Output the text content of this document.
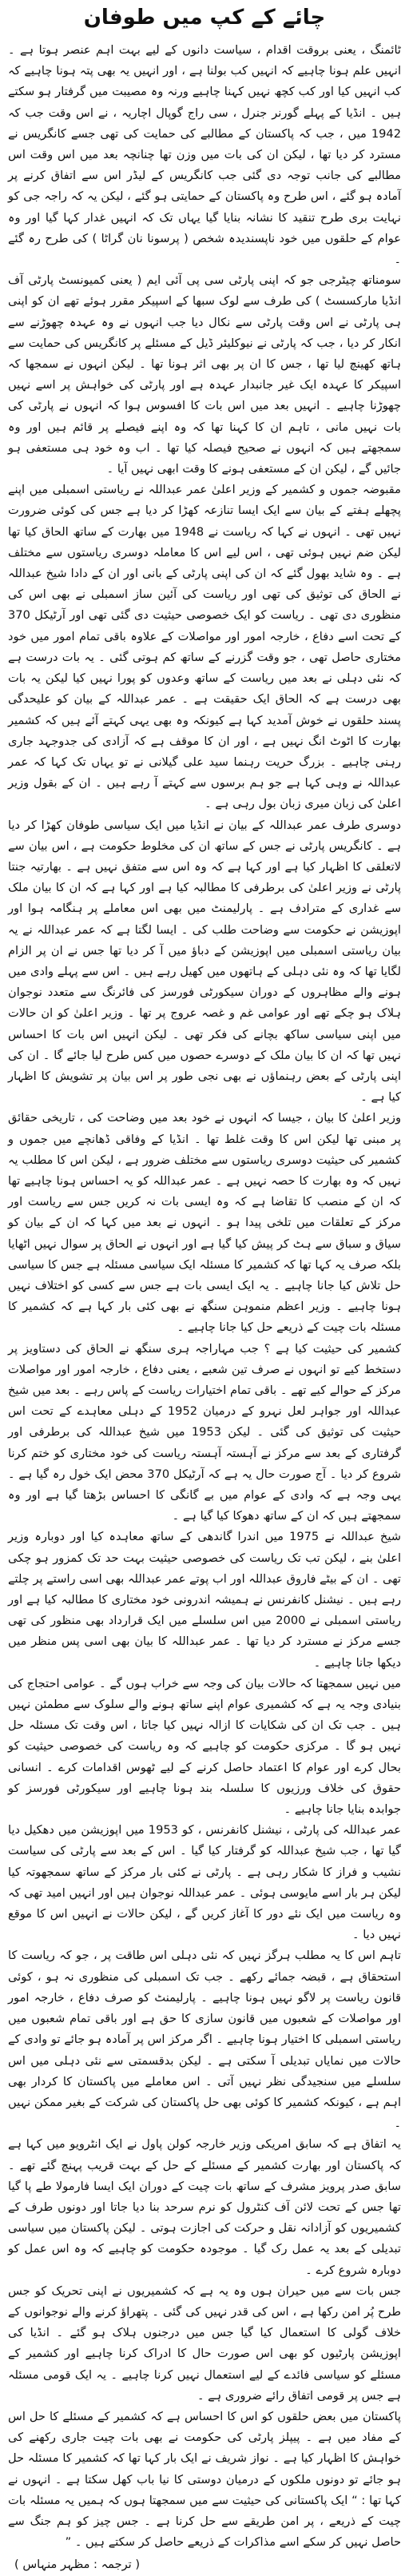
چائے کے کپ میں طوفان

ٹائمنگ ، یعنی بروقت اقدام ، سیاست دانوں کے لیے بہت اہم عنصر ہوتا ہے ۔ انہیں علم ہونا چاہیے کہ انہیں کب بولنا ہے ، اور انہیں یہ بھی پتہ ہونا چاہیے کہ کب انہیں کیا اور کب کچھ نہیں کہنا چاہیے ورنہ وہ مصیبت میں گرفتار ہو سکتے ہیں ۔ انڈیا کے پہلے گورنر جنرل ، سی راج گوپال اچاریہ ، نے اس وقت جب کہ 1942 میں ، جب کہ پاکستان کے مطالبے کی حمایت کی تھی جسے کانگریس نے مسترد کر دیا تھا ، لیکن ان کی بات میں وزن تھا چنانچہ بعد میں اس وقت اس مطالبے کی جانب توجہ دی گئی جب کانگریس کے لیڈر اس سے اتفاق کرنے پر آمادہ ہو گئے ، اس طرح وہ پاکستان کے حمایتی ہو گئے ، لیکن یہ کہ راجہ جی کو نہایت بری طرح تنقید کا نشانہ بنایا گیا یہاں تک کہ انہیں غدار کہا گیا اور وہ عوام کے حلقوں میں خود ناپسندیدہ شخص ( پرسونا نان گراٹا ) کی طرح رہ گئے ۔

سومناتھ چیٹرجی جو کہ اپنی پارٹی سی پی آئی ایم ( یعنی کمیونسٹ پارٹی آف انڈیا مارکسسٹ ) کی طرف سے لوک سبھا کے اسپیکر مقرر ہوئے تھے ان کو اپنی ہی پارٹی نے اس وقت پارٹی سے نکال دیا جب انہوں نے وہ عہدہ چھوڑنے سے انکار کر دیا ، جب کہ پارٹی نے نیوکلیئر ڈیل کے مسئلے پر کانگریس کی حمایت سے ہاتھ کھینچ لیا تھا ، جس کا ان پر بھی اثر ہونا تھا ۔ لیکن انہوں نے سمجھا کہ اسپیکر کا عہدہ ایک غیر جانبدار عہدہ ہے اور پارٹی کی خواہش پر اسے نہیں چھوڑنا چاہیے ۔ انہیں بعد میں اس بات کا افسوس ہوا کہ انہوں نے پارٹی کی بات نہیں مانی ، تاہم ان کا کہنا تھا کہ وہ اپنے فیصلے پر قائم ہیں اور وہ سمجھتے ہیں کہ انہوں نے صحیح فیصلہ کیا تھا ۔ اب وہ خود ہی مستعفی ہو جائیں گے ، لیکن ان کے مستعفی ہونے کا وقت ابھی نہیں آیا ۔

مقبوضہ جموں و کشمیر کے وزیر اعلیٰ عمر عبداللہ نے ریاستی اسمبلی میں اپنے پچھلے ہفتے کے بیان سے ایک ایسا تنازعہ کھڑا کر دیا ہے جس کی کوئی ضرورت نہیں تھی ۔ انہوں نے کہا کہ ریاست نے 1948 میں بھارت کے ساتھ الحاق کیا تھا لیکن ضم نہیں ہوئی تھی ، اس لیے اس کا معاملہ دوسری ریاستوں سے مختلف ہے ۔ وہ شاید بھول گئے کہ ان کی اپنی پارٹی کے بانی اور ان کے دادا شیخ عبداللہ نے الحاق کی توثیق کی تھی اور ریاست کی آئین ساز اسمبلی نے بھی اس کی منظوری دی تھی ۔ ریاست کو ایک خصوصی حیثیت دی گئی تھی اور آرٹیکل 370 کے تحت اسے دفاع ، خارجہ امور اور مواصلات کے علاوہ باقی تمام امور میں خود مختاری حاصل تھی ، جو وقت گزرنے کے ساتھ کم ہوتی گئی ۔ یہ بات درست ہے کہ نئی دہلی نے بعد میں ریاست کے ساتھ وعدوں کو پورا نہیں کیا لیکن یہ بات بھی درست ہے کہ الحاق ایک حقیقت ہے ۔ عمر عبداللہ کے بیان کو علیحدگی پسند حلقوں نے خوش آمدید کہا ہے کیونکہ وہ بھی یہی کہتے آئے ہیں کہ کشمیر بھارت کا اٹوٹ انگ نہیں ہے ، اور ان کا موقف ہے کہ آزادی کی جدوجہد جاری رہنی چاہیے ۔ بزرگ حریت رہنما سید علی گیلانی نے تو یہاں تک کہا کہ عمر عبداللہ نے وہی کہا ہے جو ہم برسوں سے کہتے آ رہے ہیں ۔ ان کے بقول وزیر اعلیٰ کی زبان میری زبان بول رہی ہے ۔

دوسری طرف عمر عبداللہ کے بیان نے انڈیا میں ایک سیاسی طوفان کھڑا کر دیا ہے ۔ کانگریس پارٹی نے جس کے ساتھ ان کی مخلوط حکومت ہے ، اس بیان سے لاتعلقی کا اظہار کیا ہے اور کہا ہے کہ وہ اس سے متفق نہیں ہے ۔ بھارتیہ جنتا پارٹی نے وزیر اعلیٰ کی برطرفی کا مطالبہ کیا ہے اور کہا ہے کہ ان کا بیان ملک سے غداری کے مترادف ہے ۔ پارلیمنٹ میں بھی اس معاملے پر ہنگامہ ہوا اور اپوزیشن نے حکومت سے وضاحت طلب کی ۔ ایسا لگتا ہے کہ عمر عبداللہ نے یہ بیان ریاستی اسمبلی میں اپوزیشن کے دباؤ میں آ کر دیا تھا جس نے ان پر الزام لگایا تھا کہ وہ نئی دہلی کے ہاتھوں میں کھیل رہے ہیں ۔ اس سے پہلے وادی میں ہونے والے مظاہروں کے دوران سیکورٹی فورسز کی فائرنگ سے متعدد نوجوان ہلاک ہو چکے تھے اور عوامی غم و غصہ عروج پر تھا ۔ وزیر اعلیٰ کو ان حالات میں اپنی سیاسی ساکھ بچانے کی فکر تھی ۔ لیکن انہیں اس بات کا احساس نہیں تھا کہ ان کا بیان ملک کے دوسرے حصوں میں کس طرح لیا جائے گا ۔ ان کی اپنی پارٹی کے بعض رہنماؤں نے بھی نجی طور پر اس بیان پر تشویش کا اظہار کیا ہے ۔

وزیر اعلیٰ کا بیان ، جیسا کہ انہوں نے خود بعد میں وضاحت کی ، تاریخی حقائق پر مبنی تھا لیکن اس کا وقت غلط تھا ۔ انڈیا کے وفاقی ڈھانچے میں جموں و کشمیر کی حیثیت دوسری ریاستوں سے مختلف ضرور ہے ، لیکن اس کا مطلب یہ نہیں کہ وہ بھارت کا حصہ نہیں ہے ۔ عمر عبداللہ کو یہ احساس ہونا چاہیے تھا کہ ان کے منصب کا تقاضا ہے کہ وہ ایسی بات نہ کریں جس سے ریاست اور مرکز کے تعلقات میں تلخی پیدا ہو ۔ انہوں نے بعد میں کہا کہ ان کے بیان کو سیاق و سباق سے ہٹ کر پیش کیا گیا ہے اور انہوں نے الحاق پر سوال نہیں اٹھایا بلکہ صرف یہ کہا تھا کہ کشمیر کا مسئلہ ایک سیاسی مسئلہ ہے جس کا سیاسی حل تلاش کیا جانا چاہیے ۔ یہ ایک ایسی بات ہے جس سے کسی کو اختلاف نہیں ہونا چاہیے ۔ وزیر اعظم منموہن سنگھ نے بھی کئی بار کہا ہے کہ کشمیر کا مسئلہ بات چیت کے ذریعے حل کیا جانا چاہیے ۔

کشمیر کی حیثیت کیا ہے ؟ جب مہاراجہ ہری سنگھ نے الحاق کی دستاویز پر دستخط کیے تو انہوں نے صرف تین شعبے ، یعنی دفاع ، خارجہ امور اور مواصلات مرکز کے حوالے کیے تھے ۔ باقی تمام اختیارات ریاست کے پاس رہے ۔ بعد میں شیخ عبداللہ اور جواہر لعل نہرو کے درمیان 1952 کے دہلی معاہدے کے تحت اس حیثیت کی توثیق کی گئی ۔ لیکن 1953 میں شیخ عبداللہ کی برطرفی اور گرفتاری کے بعد سے مرکز نے آہستہ آہستہ ریاست کی خود مختاری کو ختم کرنا شروع کر دیا ۔ آج صورت حال یہ ہے کہ آرٹیکل 370 محض ایک خول رہ گیا ہے ۔ یہی وجہ ہے کہ وادی کے عوام میں بے گانگی کا احساس بڑھتا گیا ہے اور وہ سمجھتے ہیں کہ ان کے ساتھ دھوکا کیا گیا ہے ۔

شیخ عبداللہ نے 1975 میں اندرا گاندھی کے ساتھ معاہدہ کیا اور دوبارہ وزیر اعلیٰ بنے ، لیکن تب تک ریاست کی خصوصی حیثیت بہت حد تک کمزور ہو چکی تھی ۔ ان کے بیٹے فاروق عبداللہ اور اب پوتے عمر عبداللہ بھی اسی راستے پر چلتے رہے ہیں ۔ نیشنل کانفرنس نے ہمیشہ اندرونی خود مختاری کا مطالبہ کیا ہے اور ریاستی اسمبلی نے 2000 میں اس سلسلے میں ایک قرارداد بھی منظور کی تھی جسے مرکز نے مسترد کر دیا تھا ۔ عمر عبداللہ کا بیان بھی اسی پس منظر میں دیکھا جانا چاہیے ۔

میں نہیں سمجھتا کہ حالات بیان کی وجہ سے خراب ہوں گے ۔ عوامی احتجاج کی بنیادی وجہ یہ ہے کہ کشمیری عوام اپنے ساتھ ہونے والے سلوک سے مطمئن نہیں ہیں ۔ جب تک ان کی شکایات کا ازالہ نہیں کیا جاتا ، اس وقت تک مسئلہ حل نہیں ہو گا ۔ مرکزی حکومت کو چاہیے کہ وہ ریاست کی خصوصی حیثیت کو بحال کرے اور عوام کا اعتماد حاصل کرنے کے لیے ٹھوس اقدامات کرے ۔ انسانی حقوق کی خلاف ورزیوں کا سلسلہ بند ہونا چاہیے اور سیکورٹی فورسز کو جوابدہ بنایا جانا چاہیے ۔

عمر عبداللہ کی پارٹی ، نیشنل کانفرنس ، کو 1953 میں اپوزیشن میں دھکیل دیا گیا تھا ، جب شیخ عبداللہ کو گرفتار کیا گیا ۔ اس کے بعد سے پارٹی کی سیاست نشیب و فراز کا شکار رہی ہے ۔ پارٹی نے کئی بار مرکز کے ساتھ سمجھوتہ کیا لیکن ہر بار اسے مایوسی ہوئی ۔ عمر عبداللہ نوجوان ہیں اور انہیں امید تھی کہ وہ ریاست میں ایک نئے دور کا آغاز کریں گے ، لیکن حالات نے انہیں اس کا موقع نہیں دیا ۔

تاہم اس کا یہ مطلب ہرگز نہیں کہ نئی دہلی اس طاقت پر ، جو کہ ریاست کا استحقاق ہے ، قبضہ جمائے رکھے ۔ جب تک اسمبلی کی منظوری نہ ہو ، کوئی قانون ریاست پر لاگو نہیں ہونا چاہیے ۔ پارلیمنٹ کو صرف دفاع ، خارجہ امور اور مواصلات کے شعبوں میں قانون سازی کا حق ہے اور باقی تمام شعبوں میں ریاستی اسمبلی کا اختیار ہونا چاہیے ۔ اگر مرکز اس پر آمادہ ہو جائے تو وادی کے حالات میں نمایاں تبدیلی آ سکتی ہے ۔ لیکن بدقسمتی سے نئی دہلی میں اس سلسلے میں سنجیدگی نظر نہیں آتی ۔ اس معاملے میں پاکستان کا کردار بھی اہم ہے ، کیونکہ کشمیر کا کوئی بھی حل پاکستان کی شرکت کے بغیر ممکن نہیں ۔

یہ اتفاق ہے کہ سابق امریکی وزیر خارجہ کولن پاول نے ایک انٹرویو میں کہا ہے کہ پاکستان اور بھارت کشمیر کے مسئلے کے حل کے بہت قریب پہنچ گئے تھے ۔ سابق صدر پرویز مشرف کے ساتھ بات چیت کے دوران ایک ایسا فارمولا طے پا گیا تھا جس کے تحت لائن آف کنٹرول کو نرم سرحد بنا دیا جاتا اور دونوں طرف کے کشمیریوں کو آزادانہ نقل و حرکت کی اجازت ہوتی ۔ لیکن پاکستان میں سیاسی تبدیلی کے بعد یہ عمل رک گیا ۔ موجودہ حکومت کو چاہیے کہ وہ اس عمل کو دوبارہ شروع کرے ۔

جس بات سے میں حیران ہوں وہ یہ ہے کہ کشمیریوں نے اپنی تحریک کو جس طرح پُر امن رکھا ہے ، اس کی قدر نہیں کی گئی ۔ پتھراؤ کرنے والے نوجوانوں کے خلاف گولی کا استعمال کیا گیا جس میں درجنوں ہلاک ہو گئے ۔ انڈیا کی اپوزیشن پارٹیوں کو بھی اس صورت حال کا ادراک کرنا چاہیے اور کشمیر کے مسئلے کو سیاسی فائدے کے لیے استعمال نہیں کرنا چاہیے ۔ یہ ایک قومی مسئلہ ہے جس پر قومی اتفاق رائے ضروری ہے ۔

پاکستان میں بعض حلقوں کو اس کا احساس ہے کہ کشمیر کے مسئلے کا حل اس کے مفاد میں ہے ۔ پیپلز پارٹی کی حکومت نے بھی بات چیت جاری رکھنے کی خواہش کا اظہار کیا ہے ۔ نواز شریف نے ایک بار کہا تھا کہ کشمیر کا مسئلہ حل ہو جائے تو دونوں ملکوں کے درمیان دوستی کا نیا باب کھل سکتا ہے ۔ انہوں نے کہا تھا : “ ایک پاکستانی کی حیثیت سے میں سمجھتا ہوں کہ ہمیں یہ مسئلہ بات چیت کے ذریعے ، پر امن طریقے سے حل کرنا ہے ۔ جس چیز کو ہم جنگ سے حاصل نہیں کر سکے اسے مذاکرات کے ذریعے حاصل کر سکتے ہیں ۔ ”

( ترجمہ : مظہر منہاس )
